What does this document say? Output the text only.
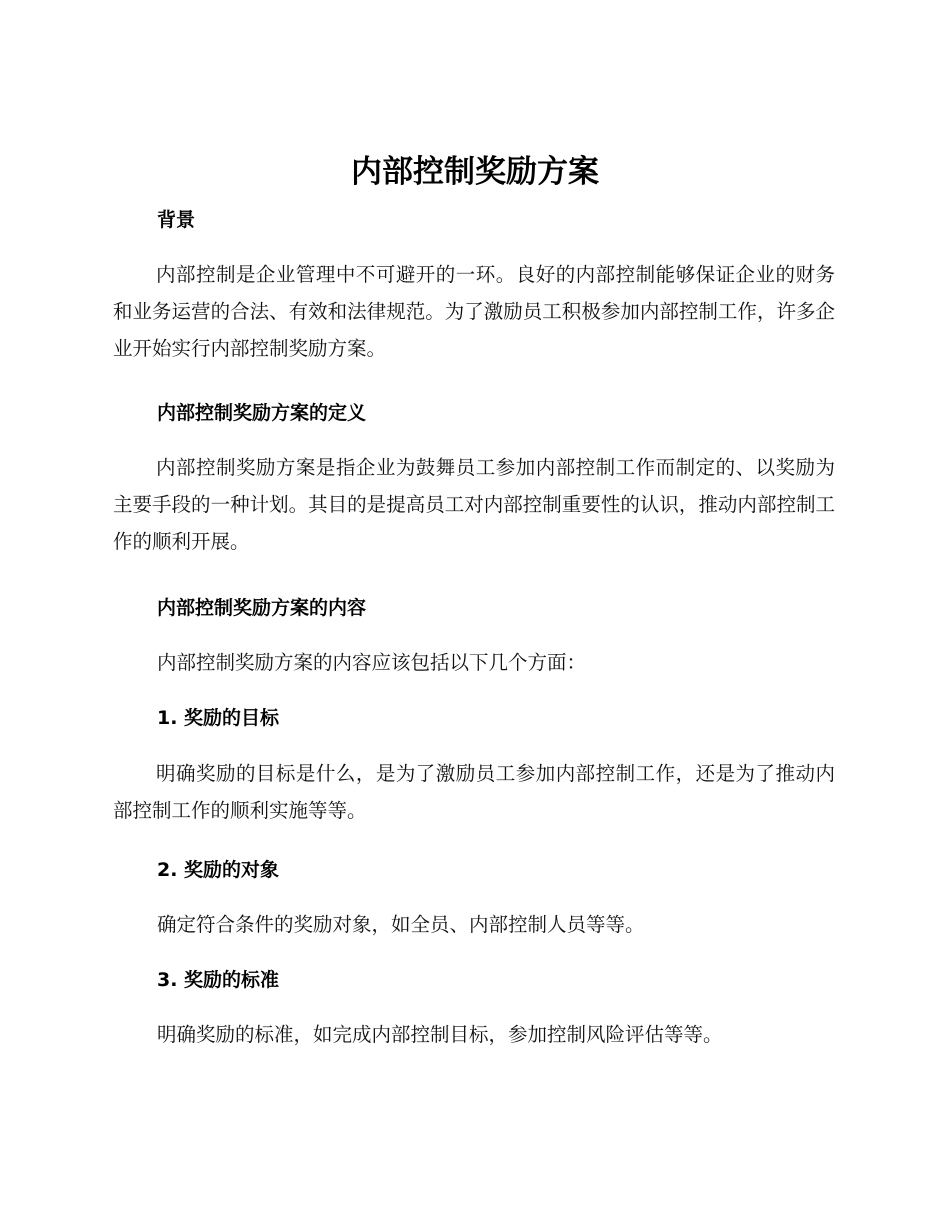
内部控制奖励方案
背景

内部控制是企业管理中不可避开的一环。良好的内部控制能够保证企业的财务和业务运营的合法、有效和法律规范。为了激励员工积极参加内部控制工作，许多企业开始实行内部控制奖励方案。

内部控制奖励方案的定义

内部控制奖励方案是指企业为鼓舞员工参加内部控制工作而制定的、以奖励为主要手段的一种计划。其目的是提高员工对内部控制重要性的认识，推动内部控制工作的顺利开展。

内部控制奖励方案的内容

内部控制奖励方案的内容应该包括以下几个方面：

1. 奖励的目标

明确奖励的目标是什么，是为了激励员工参加内部控制工作，还是为了推动内部控制工作的顺利实施等等。

2. 奖励的对象

确定符合条件的奖励对象，如全员、内部控制人员等等。

3. 奖励的标准

明确奖励的标准，如完成内部控制目标，参加控制风险评估等等。
